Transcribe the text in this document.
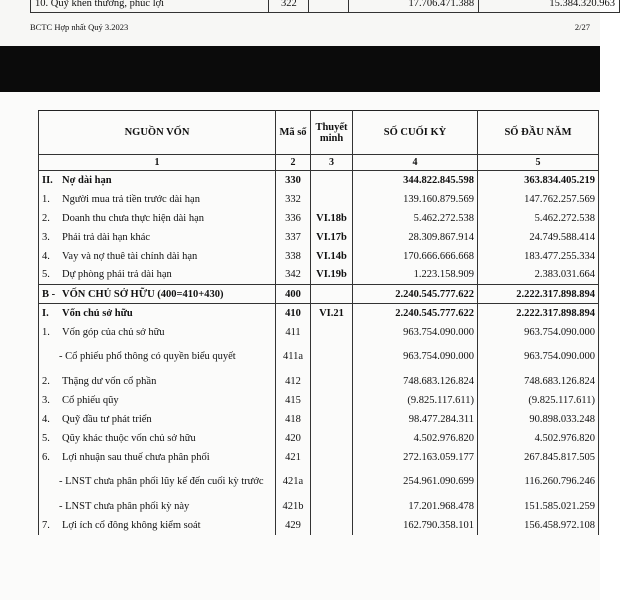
10. Quỹ khen thưởng, phúc lợi	322		17.706.471.388	15.384.320.963
BCTC Hợp nhất Quý 3.2023	2/27
NGUỒN VỐN	Mã số	Thuyết minh	SỐ CUỐI KỲ	SỐ ĐẦU NĂM
1	2	3	4	5
II. Nợ dài hạn	330		344.822.845.598	363.834.405.219
1. Người mua trả tiền trước dài hạn	332		139.160.879.569	147.762.257.569
2. Doanh thu chưa thực hiện dài hạn	336	VI.18b	5.462.272.538	5.462.272.538
3. Phải trả dài hạn khác	337	VI.17b	28.309.867.914	24.749.588.414
4. Vay và nợ thuê tài chính dài hạn	338	VI.14b	170.666.666.668	183.477.255.334
5. Dự phòng phải trả dài hạn	342	VI.19b	1.223.158.909	2.383.031.664
B - VỐN CHỦ SỞ HỮU (400=410+430)	400		2.240.545.777.622	2.222.317.898.894
I. Vốn chủ sở hữu	410	VI.21	2.240.545.777.622	2.222.317.898.894
1. Vốn góp của chủ sở hữu	411		963.754.090.000	963.754.090.000

- Cổ phiếu phổ thông có quyền biểu quyết	411a		963.754.090.000	963.754.090.000
2. Thặng dư vốn cổ phần	412		748.683.126.824	748.683.126.824
3. Cổ phiếu qũy	415		(9.825.117.611)	(9.825.117.611)
4. Quỹ đầu tư phát triển	418		98.477.284.311	90.898.033.248
5. Qũy khác thuộc vốn chủ sở hữu	420		4.502.976.820	4.502.976.820
6. Lợi nhuận sau thuế chưa phân phối	421		272.163.059.177	267.845.817.505

- LNST chưa phân phối lũy kế đến cuối kỳ trước	421a		254.961.090.699	116.260.796.246
- LNST chưa phân phối kỳ này	421b		17.201.968.478	151.585.021.259
7. Lợi ích cổ đông không kiểm soát	429		162.790.358.101	156.458.972.108
